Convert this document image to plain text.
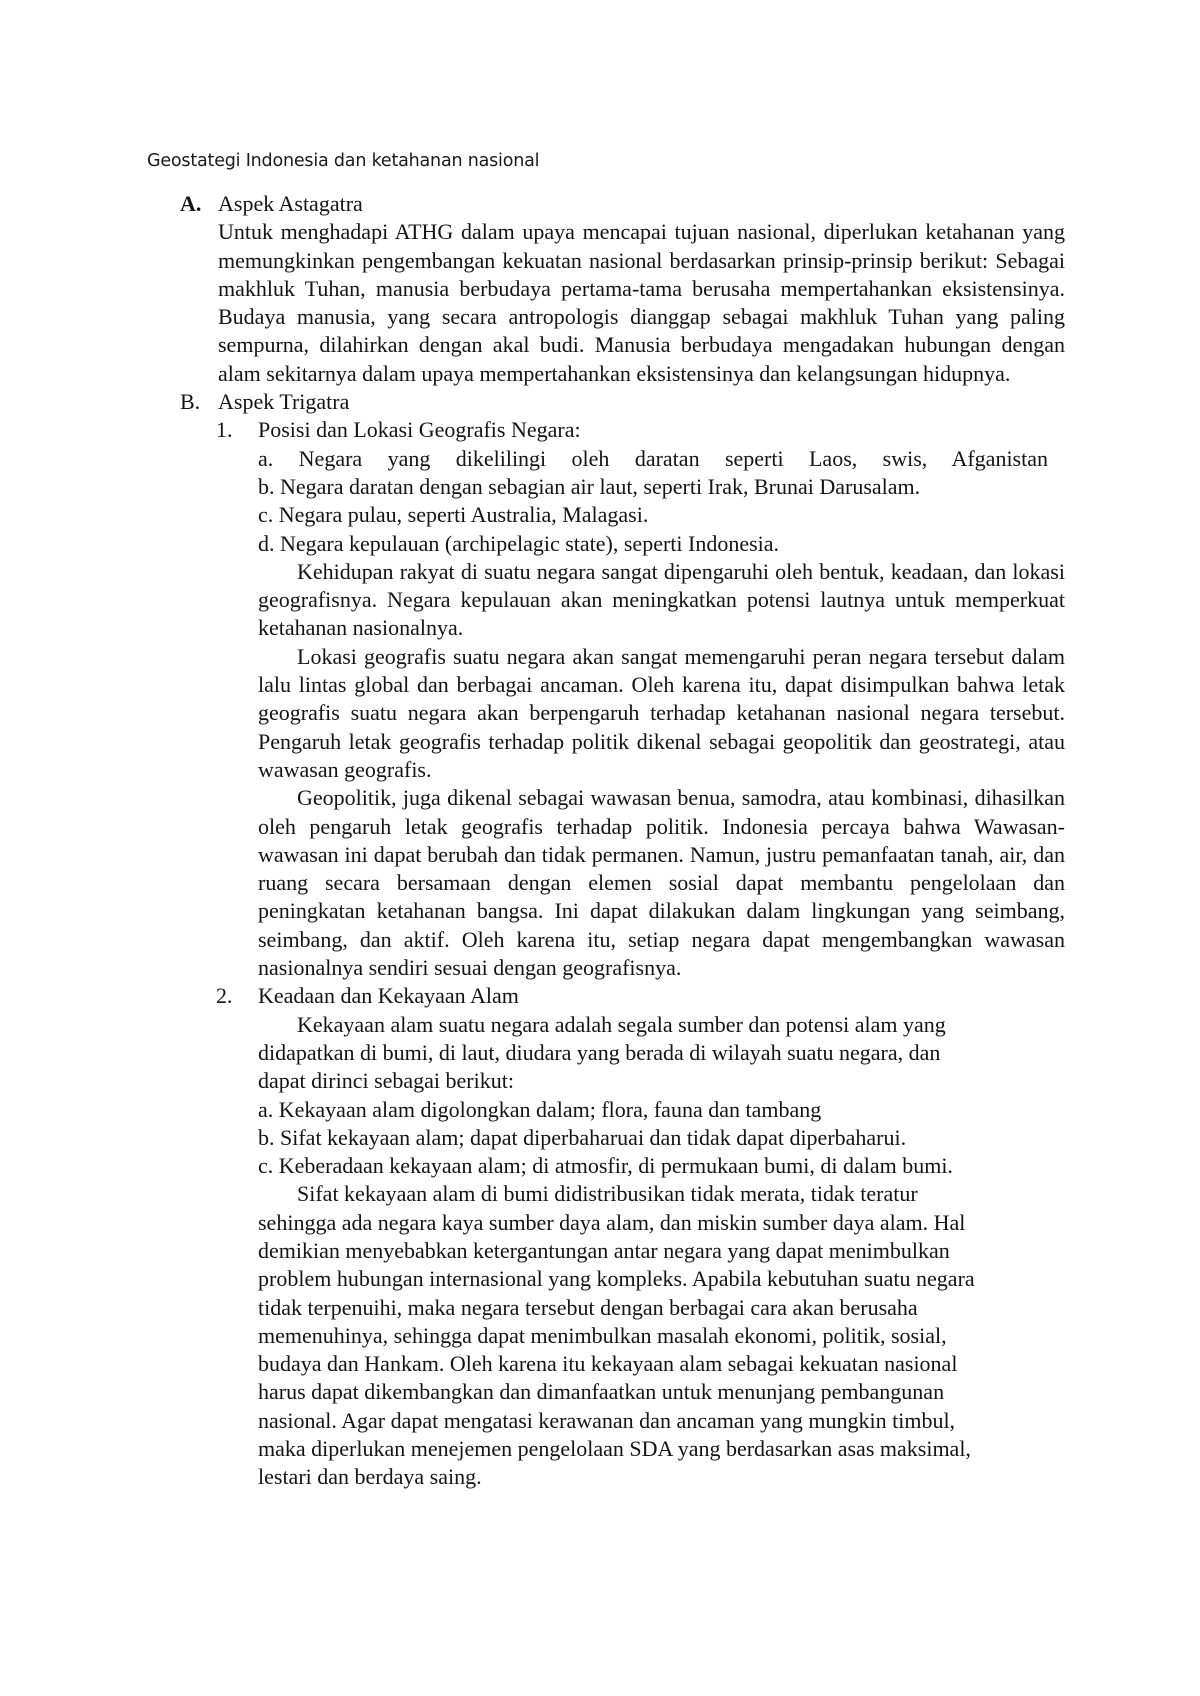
Geostategi Indonesia dan ketahanan nasional
A. Aspek Astagatra
Untuk menghadapi ATHG dalam upaya mencapai tujuan nasional, diperlukan ketahanan yang memungkinkan pengembangan kekuatan nasional berdasarkan prinsip-prinsip berikut: Sebagai makhluk Tuhan, manusia berbudaya pertama-tama berusaha mempertahankan eksistensinya. Budaya manusia, yang secara antropologis dianggap sebagai makhluk Tuhan yang paling sempurna, dilahirkan dengan akal budi. Manusia berbudaya mengadakan hubungan dengan alam sekitarnya dalam upaya mempertahankan eksistensinya dan kelangsungan hidupnya.
B. Aspek Trigatra
1. Posisi dan Lokasi Geografis Negara:
a. Negara yang dikelilingi oleh daratan seperti Laos, swis, Afganistan
b. Negara daratan dengan sebagian air laut, seperti Irak, Brunai Darusalam.
c. Negara pulau, seperti Australia, Malagasi.
d. Negara kepulauan (archipelagic state), seperti Indonesia.
Kehidupan rakyat di suatu negara sangat dipengaruhi oleh bentuk, keadaan, dan lokasi geografisnya. Negara kepulauan akan meningkatkan potensi lautnya untuk memperkuat ketahanan nasionalnya.
Lokasi geografis suatu negara akan sangat memengaruhi peran negara tersebut dalam lalu lintas global dan berbagai ancaman. Oleh karena itu, dapat disimpulkan bahwa letak geografis suatu negara akan berpengaruh terhadap ketahanan nasional negara tersebut. Pengaruh letak geografis terhadap politik dikenal sebagai geopolitik dan geostrategi, atau wawasan geografis.
Geopolitik, juga dikenal sebagai wawasan benua, samodra, atau kombinasi, dihasilkan oleh pengaruh letak geografis terhadap politik. Indonesia percaya bahwa Wawasan-wawasan ini dapat berubah dan tidak permanen. Namun, justru pemanfaatan tanah, air, dan ruang secara bersamaan dengan elemen sosial dapat membantu pengelolaan dan peningkatan ketahanan bangsa. Ini dapat dilakukan dalam lingkungan yang seimbang, seimbang, dan aktif. Oleh karena itu, setiap negara dapat mengembangkan wawasan nasionalnya sendiri sesuai dengan geografisnya.
2. Keadaan dan Kekayaan Alam
Kekayaan alam suatu negara adalah segala sumber dan potensi alam yang
didapatkan di bumi, di laut, diudara yang berada di wilayah suatu negara, dan
dapat dirinci sebagai berikut:
a. Kekayaan alam digolongkan dalam; flora, fauna dan tambang
b. Sifat kekayaan alam; dapat diperbaharuai dan tidak dapat diperbaharui.
c. Keberadaan kekayaan alam; di atmosfir, di permukaan bumi, di dalam bumi.
Sifat kekayaan alam di bumi didistribusikan tidak merata, tidak teratur
sehingga ada negara kaya sumber daya alam, dan miskin sumber daya alam. Hal
demikian menyebabkan ketergantungan antar negara yang dapat menimbulkan
problem hubungan internasional yang kompleks. Apabila kebutuhan suatu negara
tidak terpenuihi, maka negara tersebut dengan berbagai cara akan berusaha
memenuhinya, sehingga dapat menimbulkan masalah ekonomi, politik, sosial,
budaya dan Hankam. Oleh karena itu kekayaan alam sebagai kekuatan nasional
harus dapat dikembangkan dan dimanfaatkan untuk menunjang pembangunan
nasional. Agar dapat mengatasi kerawanan dan ancaman yang mungkin timbul,
maka diperlukan menejemen pengelolaan SDA yang berdasarkan asas maksimal,
lestari dan berdaya saing.
